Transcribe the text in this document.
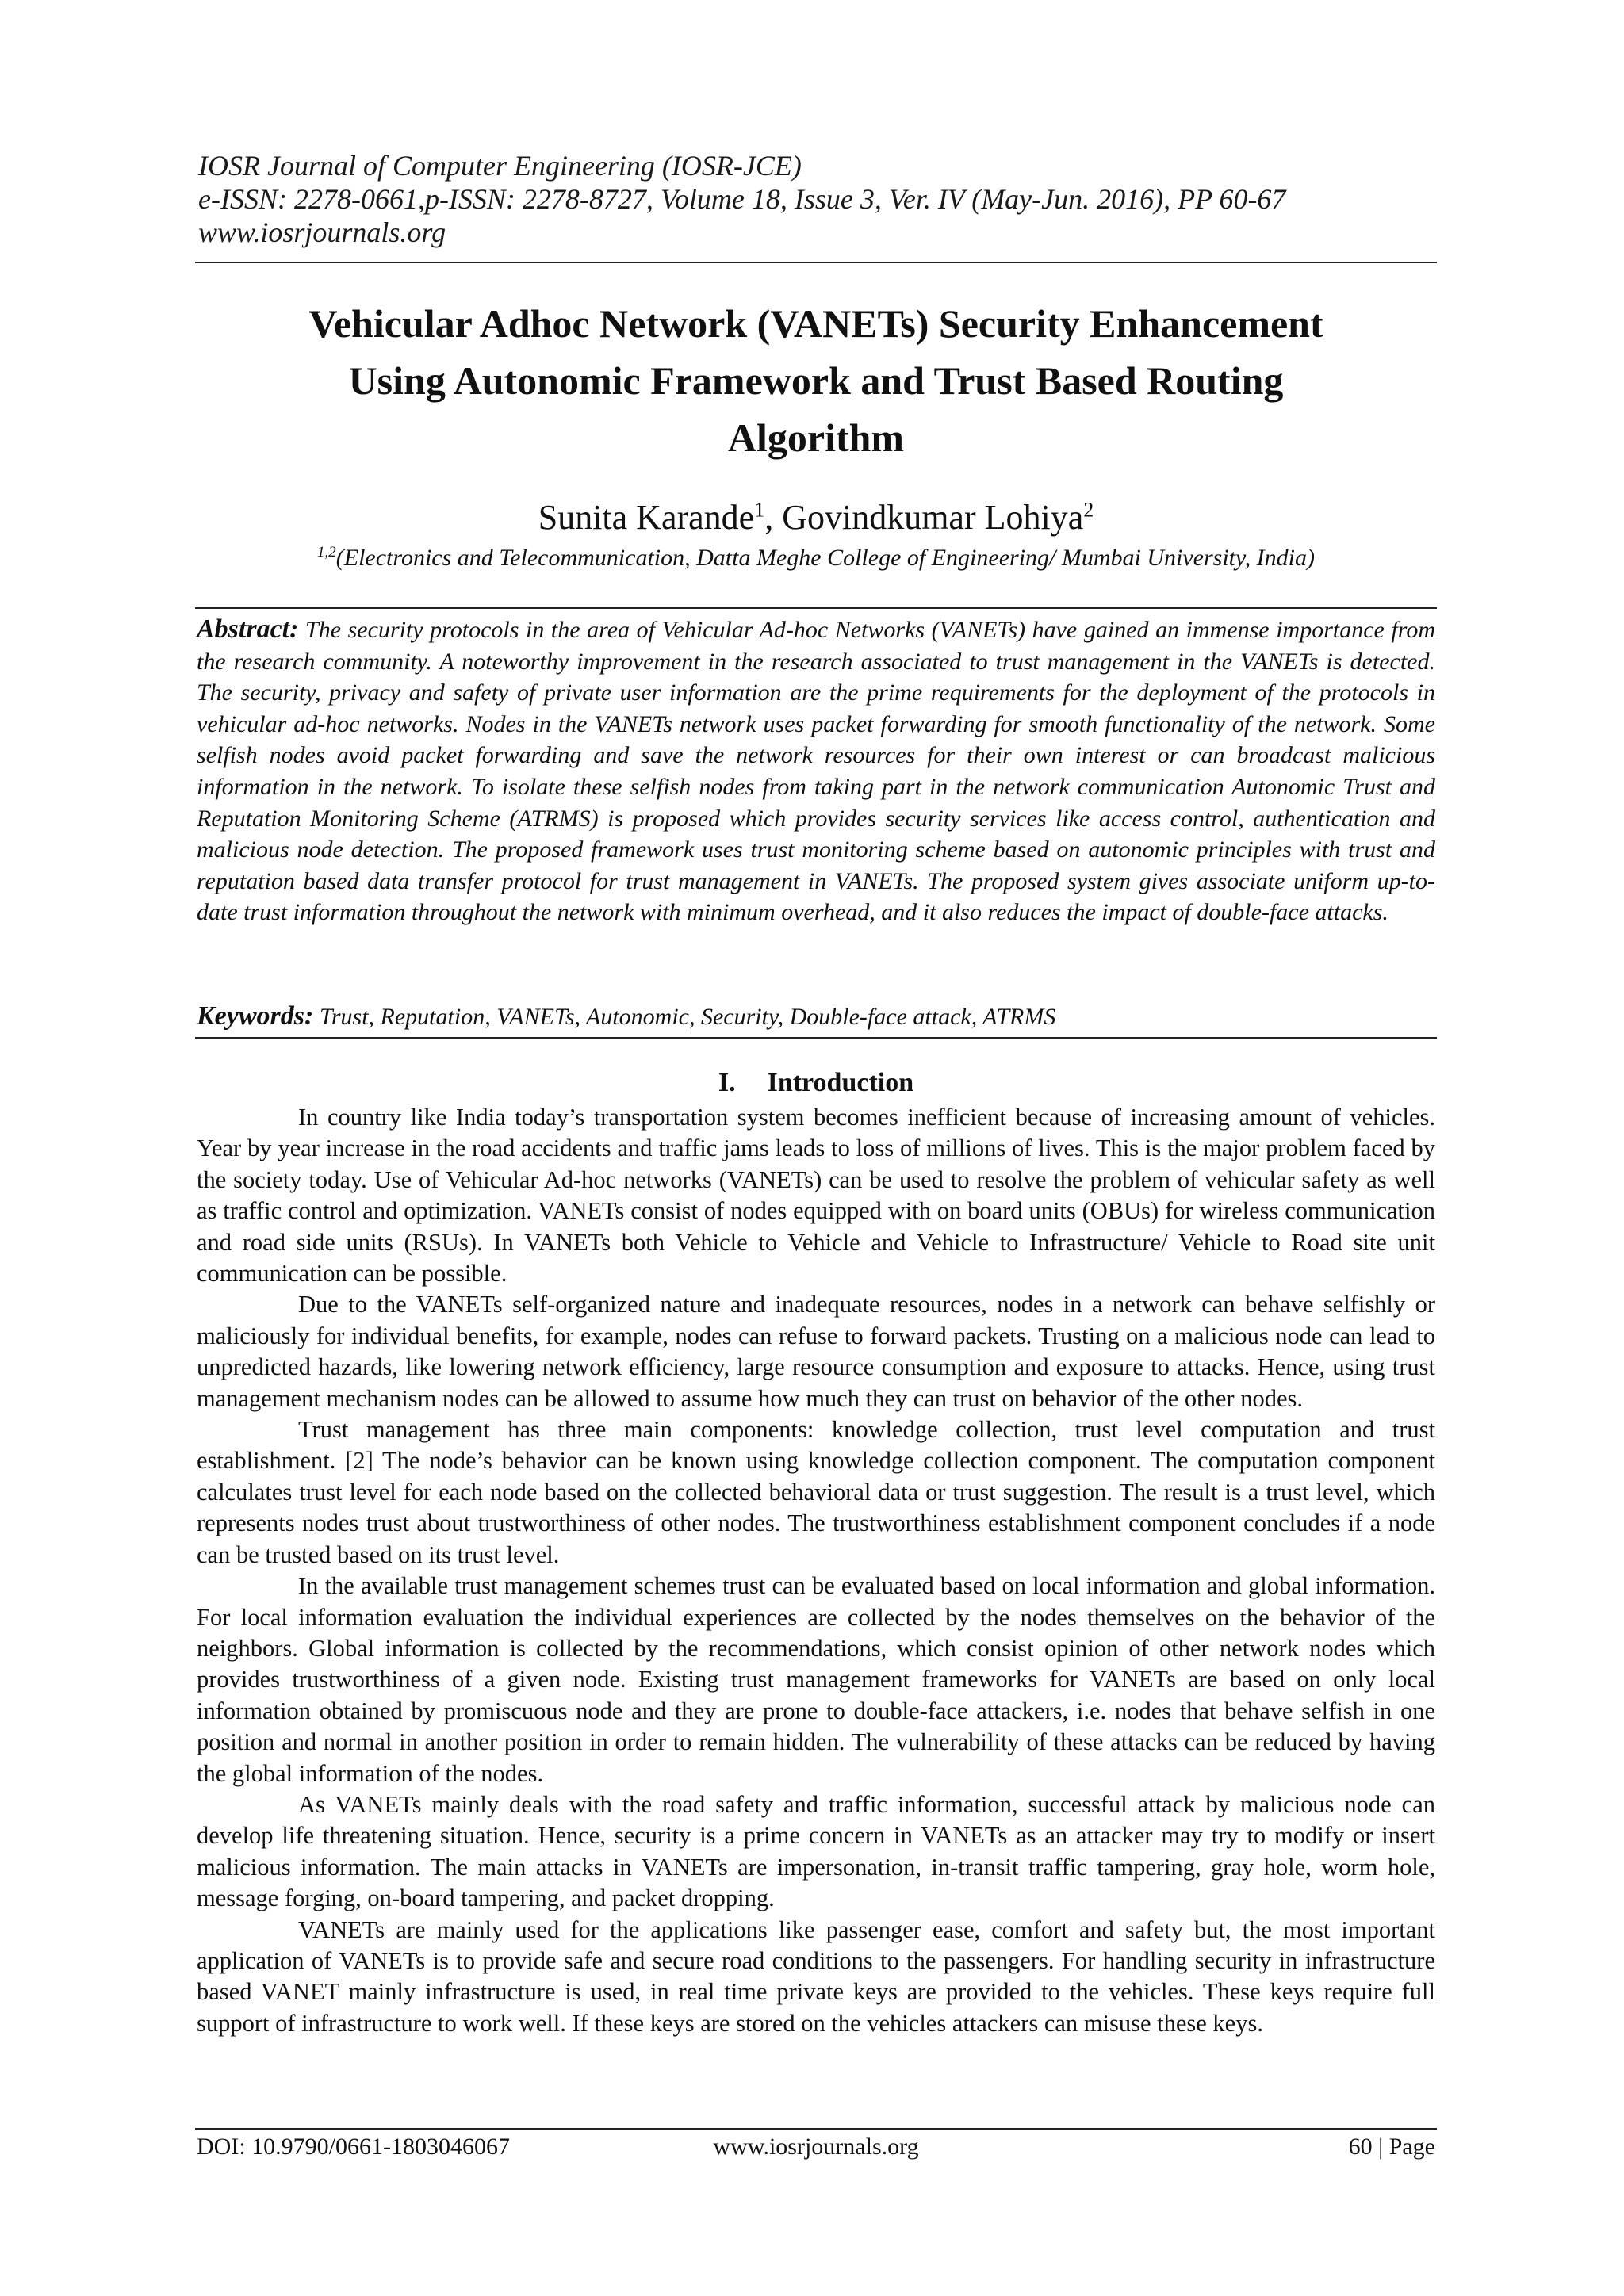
IOSR Journal of Computer Engineering (IOSR-JCE)
e-ISSN: 2278-0661,p-ISSN: 2278-8727, Volume 18, Issue 3, Ver. IV (May-Jun. 2016), PP 60-67
www.iosrjournals.org
Vehicular Adhoc Network (VANETs) Security Enhancement
Using Autonomic Framework and Trust Based Routing
Algorithm
Sunita Karande$^1$, Govindkumar Lohiya$^2$
$^{1,2}$(Electronics and Telecommunication, Datta Meghe College of Engineering/ Mumbai University, India)
Abstract: The security protocols in the area of Vehicular Ad-hoc Networks (VANETs) have gained an immense importance from the research community. A noteworthy improvement in the research associated to trust management in the VANETs is detected. The security, privacy and safety of private user information are the prime requirements for the deployment of the protocols in vehicular ad-hoc networks. Nodes in the VANETs network uses packet forwarding for smooth functionality of the network. Some selfish nodes avoid packet forwarding and save the network resources for their own interest or can broadcast malicious information in the network. To isolate these selfish nodes from taking part in the network communication Autonomic Trust and Reputation Monitoring Scheme (ATRMS) is proposed which provides security services like access control, authentication and malicious node detection. The proposed framework uses trust monitoring scheme based on autonomic principles with trust and reputation based data transfer protocol for trust management in VANETs. The proposed system gives associate uniform up-to-date trust information throughout the network with minimum overhead, and it also reduces the impact of double-face attacks.
Keywords: Trust, Reputation, VANETs, Autonomic, Security, Double-face attack, ATRMS
I. Introduction

In country like India today’s transportation system becomes inefficient because of increasing amount of vehicles. Year by year increase in the road accidents and traffic jams leads to loss of millions of lives. This is the major problem faced by the society today. Use of Vehicular Ad-hoc networks (VANETs) can be used to resolve the problem of vehicular safety as well as traffic control and optimization. VANETs consist of nodes equipped with on board units (OBUs) for wireless communication and road side units (RSUs). In VANETs both Vehicle to Vehicle and Vehicle to Infrastructure/ Vehicle to Road site unit communication can be possible.

Due to the VANETs self-organized nature and inadequate resources, nodes in a network can behave selfishly or maliciously for individual benefits, for example, nodes can refuse to forward packets. Trusting on a malicious node can lead to unpredicted hazards, like lowering network efficiency, large resource consumption and exposure to attacks. Hence, using trust management mechanism nodes can be allowed to assume how much they can trust on behavior of the other nodes.

Trust management has three main components: knowledge collection, trust level computation and trust establishment. [2] The node’s behavior can be known using knowledge collection component. The computation component calculates trust level for each node based on the collected behavioral data or trust suggestion. The result is a trust level, which represents nodes trust about trustworthiness of other nodes. The trustworthiness establishment component concludes if a node can be trusted based on its trust level.

In the available trust management schemes trust can be evaluated based on local information and global information. For local information evaluation the individual experiences are collected by the nodes themselves on the behavior of the neighbors. Global information is collected by the recommendations, which consist opinion of other network nodes which provides trustworthiness of a given node. Existing trust management frameworks for VANETs are based on only local information obtained by promiscuous node and they are prone to double-face attackers, i.e. nodes that behave selfish in one position and normal in another position in order to remain hidden. The vulnerability of these attacks can be reduced by having the global information of the nodes.

As VANETs mainly deals with the road safety and traffic information, successful attack by malicious node can develop life threatening situation. Hence, security is a prime concern in VANETs as an attacker may try to modify or insert malicious information. The main attacks in VANETs are impersonation, in-transit traffic tampering, gray hole, worm hole, message forging, on-board tampering, and packet dropping.

VANETs are mainly used for the applications like passenger ease, comfort and safety but, the most important application of VANETs is to provide safe and secure road conditions to the passengers. For handling security in infrastructure based VANET mainly infrastructure is used, in real time private keys are provided to the vehicles. These keys require full support of infrastructure to work well. If these keys are stored on the vehicles attackers can misuse these keys.

DOI: 10.9790/0661-1803046067	www.iosrjournals.org	60 | Page
